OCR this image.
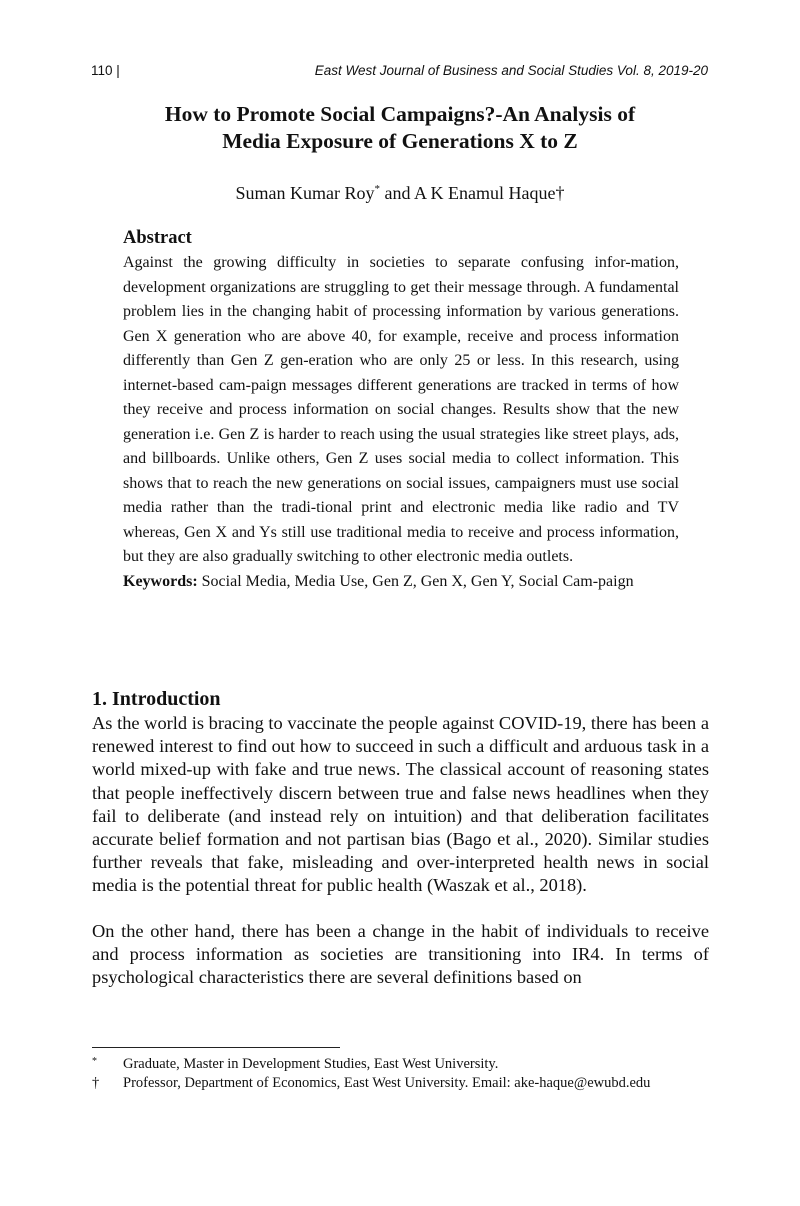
110 |	East West Journal of Business and Social Studies Vol. 8, 2019-20
How to Promote Social Campaigns?-An Analysis of
Media Exposure of Generations X to Z
Suman Kumar Roy* and A K Enamul Haque†
Abstract

Against the growing difficulty in societies to separate confusing infor-mation, development organizations are struggling to get their message through. A fundamental problem lies in the changing habit of processing information by various generations. Gen X generation who are above 40, for example, receive and process information differently than Gen Z gen-eration who are only 25 or less. In this research, using internet-based cam-paign messages different generations are tracked in terms of how they receive and process information on social changes. Results show that the new generation i.e. Gen Z is harder to reach using the usual strategies like street plays, ads, and billboards. Unlike others, Gen Z uses social media to collect information. This shows that to reach the new generations on social issues, campaigners must use social media rather than the tradi-tional print and electronic media like radio and TV whereas, Gen X and Ys still use traditional media to receive and process information, but they are also gradually switching to other electronic media outlets.

Keywords: Social Media, Media Use, Gen Z, Gen X, Gen Y, Social Cam-paign
1. Introduction

As the world is bracing to vaccinate the people against COVID-19, there has been a renewed interest to find out how to succeed in such a difficult and arduous task in a world mixed-up with fake and true news. The classical account of reasoning states that people ineffectively discern between true and false news headlines when they fail to deliberate (and instead rely on intuition) and that deliberation facilitates accurate belief formation and not partisan bias (Bago et al., 2020). Similar studies further reveals that fake, misleading and over-interpreted health news in social media is the potential threat for public health (Waszak et al., 2018).

On the other hand, there has been a change in the habit of individuals to receive and process information as societies are transitioning into IR4. In terms of psychological characteristics there are several definitions based on

*	Graduate, Master in Development Studies, East West University.
†	Professor, Department of Economics, East West University. Email: ake-haque@ewubd.edu
